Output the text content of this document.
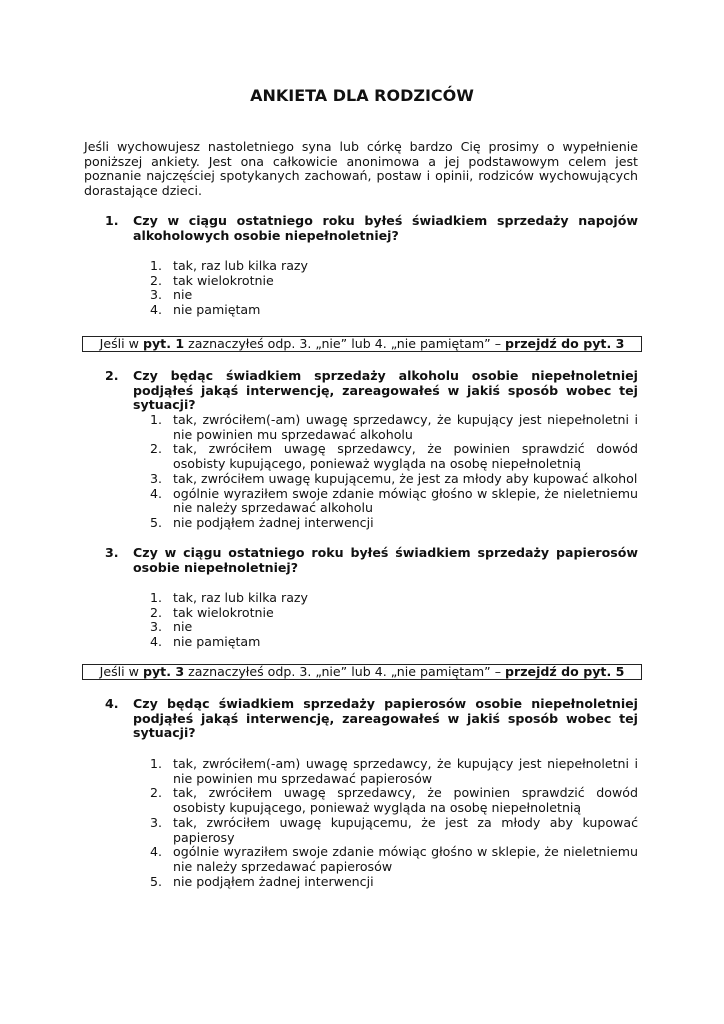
ANKIETA DLA RODZICÓW
Jeśli wychowujesz nastoletniego syna lub córkę bardzo Cię prosimy o wypełnienie poniższej ankiety. Jest ona całkowicie anonimowa a jej podstawowym celem jest poznanie najczęściej spotykanych zachowań, postaw i opinii, rodziców wychowujących dorastające dzieci.
1. Czy w ciągu ostatniego roku byłeś świadkiem sprzedaży napojów alkoholowych osobie niepełnoletniej?
1. tak, raz lub kilka razy
2. tak wielokrotnie
3. nie
4. nie pamiętam
Jeśli w pyt. 1 zaznaczyłeś odp. 3. „nie” lub 4. „nie pamiętam” – przejdź do pyt. 3
2. Czy będąc świadkiem sprzedaży alkoholu osobie niepełnoletniej podjąłeś jakąś interwencję, zareagowałeś w jakiś sposób wobec tej sytuacji?
1. tak, zwróciłem(-am) uwagę sprzedawcy, że kupujący jest niepełnoletni i nie powinien mu sprzedawać alkoholu
2. tak, zwróciłem uwagę sprzedawcy, że powinien sprawdzić dowód osobisty kupującego, ponieważ wygląda na osobę niepełnoletnią
3. tak, zwróciłem uwagę kupującemu, że jest za młody aby kupować alkohol
4. ogólnie wyraziłem swoje zdanie mówiąc głośno w sklepie, że nieletniemu nie należy sprzedawać alkoholu
5. nie podjąłem żadnej interwencji
3. Czy w ciągu ostatniego roku byłeś świadkiem sprzedaży papierosów osobie niepełnoletniej?
1. tak, raz lub kilka razy
2. tak wielokrotnie
3. nie
4. nie pamiętam
Jeśli w pyt. 3 zaznaczyłeś odp. 3. „nie” lub 4. „nie pamiętam” – przejdź do pyt. 5
4. Czy będąc świadkiem sprzedaży papierosów osobie niepełnoletniej podjąłeś jakąś interwencję, zareagowałeś w jakiś sposób wobec tej sytuacji?
1. tak, zwróciłem(-am) uwagę sprzedawcy, że kupujący jest niepełnoletni i nie powinien mu sprzedawać papierosów
2. tak, zwróciłem uwagę sprzedawcy, że powinien sprawdzić dowód osobisty kupującego, ponieważ wygląda na osobę niepełnoletnią
3. tak, zwróciłem uwagę kupującemu, że jest za młody aby kupować papierosy
4. ogólnie wyraziłem swoje zdanie mówiąc głośno w sklepie, że nieletniemu nie należy sprzedawać papierosów
5. nie podjąłem żadnej interwencji
